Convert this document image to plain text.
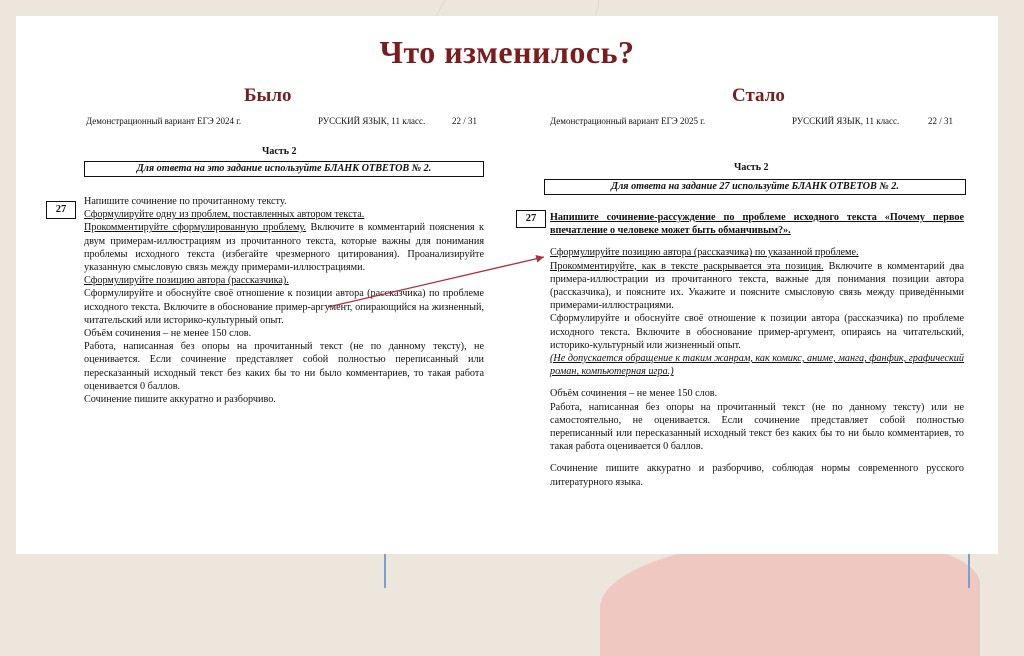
Что изменилось?
Было	Стало
Демонстрационный вариант ЕГЭ 2024 г.	РУССКИЙ ЯЗЫК, 11 класс.	22 / 31
Часть 2
Для ответа на это задание используйте БЛАНК ОТВЕТОВ № 2.
27

Напишите сочинение по прочитанному тексту.

Сформулируйте одну из проблем, поставленных автором текста.

Прокомментируйте сформулированную проблему. Включите в комментарий пояснения к двум примерам-иллюстрациям из прочитанного текста, которые важны для понимания проблемы исходного текста (избегайте чрезмерного цитирования). Проанализируйте указанную смысловую связь между примерами-иллюстрациями.

Сформулируйте позицию автора (рассказчика).

Сформулируйте и обоснуйте своё отношение к позиции автора (рассказчика) по проблеме исходного текста. Включите в обоснование пример-аргумент, опирающийся на жизненный, читательский или историко-культурный опыт.

Объём сочинения – не менее 150 слов.

Работа, написанная без опоры на прочитанный текст (не по данному тексту), не оценивается. Если сочинение представляет собой полностью переписанный или пересказанный исходный текст без каких бы то ни было комментариев, то такая работа оценивается 0 баллов.

Сочинение пишите аккуратно и разборчиво.

Демонстрационный вариант ЕГЭ 2025 г.	РУССКИЙ ЯЗЫК, 11 класс.	22 / 31
Часть 2
Для ответа на задание 27 используйте БЛАНК ОТВЕТОВ № 2.
27	Напишите сочинение-рассуждение по проблеме исходного текста «Почему первое впечатление о человеке может быть обманчивым?».

Сформулируйте позицию автора (рассказчика) по указанной проблеме.

Прокомментируйте, как в тексте раскрывается эта позиция. Включите в комментарий два примера-иллюстрации из прочитанного текста, важные для понимания позиции автора (рассказчика), и поясните их. Укажите и поясните смысловую связь между приведёнными примерами-иллюстрациями.

Сформулируйте и обоснуйте своё отношение к позиции автора (рассказчика) по проблеме исходного текста. Включите в обоснование пример-аргумент, опираясь на читательский, историко-культурный или жизненный опыт.

(Не допускается обращение к таким жанрам, как комикс, аниме, манга, фанфик, графический роман, компьютерная игра.)

Объём сочинения – не менее 150 слов.

Работа, написанная без опоры на прочитанный текст (не по данному тексту) или не самостоятельно, не оценивается. Если сочинение представляет собой полностью переписанный или пересказанный исходный текст без каких бы то ни было комментариев, то такая работа оценивается 0 баллов.

Сочинение пишите аккуратно и разборчиво, соблюдая нормы современного русского литературного языка.
